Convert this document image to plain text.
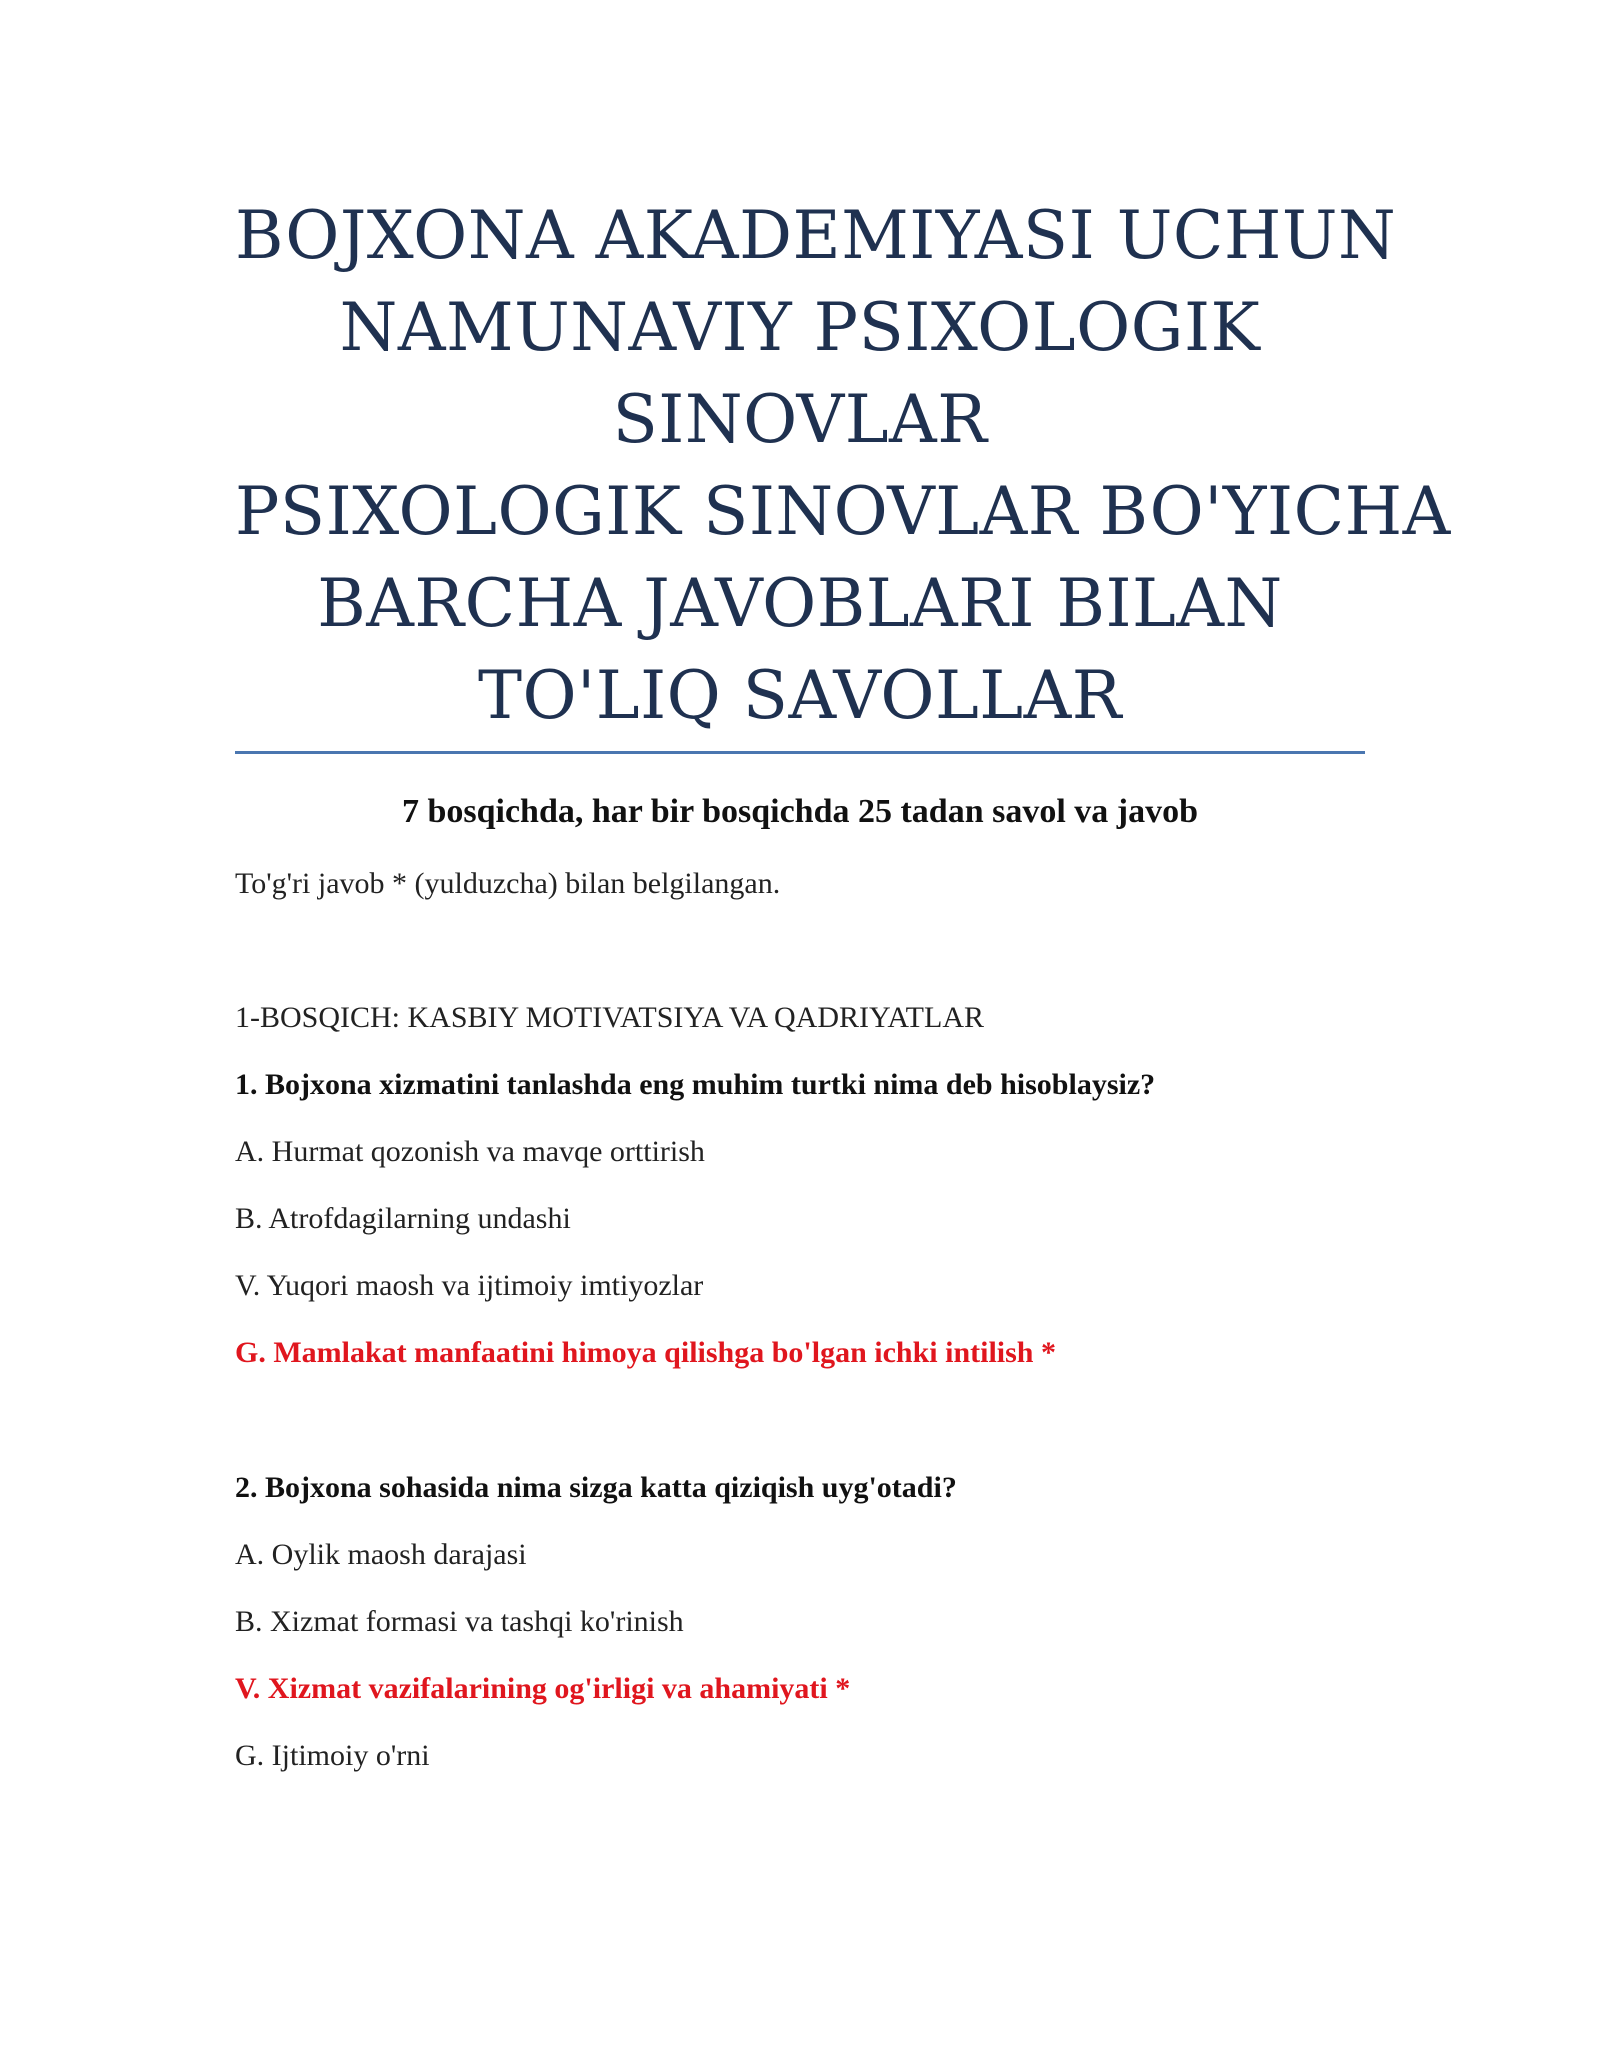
BOJXONA AKADEMIYASI UCHUN
NAMUNAVIY PSIXOLOGIK
SINOVLAR
PSIXOLOGIK SINOVLAR BO'YICHA
BARCHA JAVOBLARI BILAN
TO'LIQ SAVOLLAR
7 bosqichda, har bir bosqichda 25 tadan savol va javob
To'g'ri javob * (yulduzcha) bilan belgilangan.
1-BOSQICH: KASBIY MOTIVATSIYA VA QADRIYATLAR
1. Bojxona xizmatini tanlashda eng muhim turtki nima deb hisoblaysiz?
A. Hurmat qozonish va mavqe orttirish
B. Atrofdagilarning undashi
V. Yuqori maosh va ijtimoiy imtiyozlar
G. Mamlakat manfaatini himoya qilishga bo'lgan ichki intilish *
2. Bojxona sohasida nima sizga katta qiziqish uyg'otadi?
A. Oylik maosh darajasi
B. Xizmat formasi va tashqi ko'rinish
V. Xizmat vazifalarining og'irligi va ahamiyati *
G. Ijtimoiy o'rni
